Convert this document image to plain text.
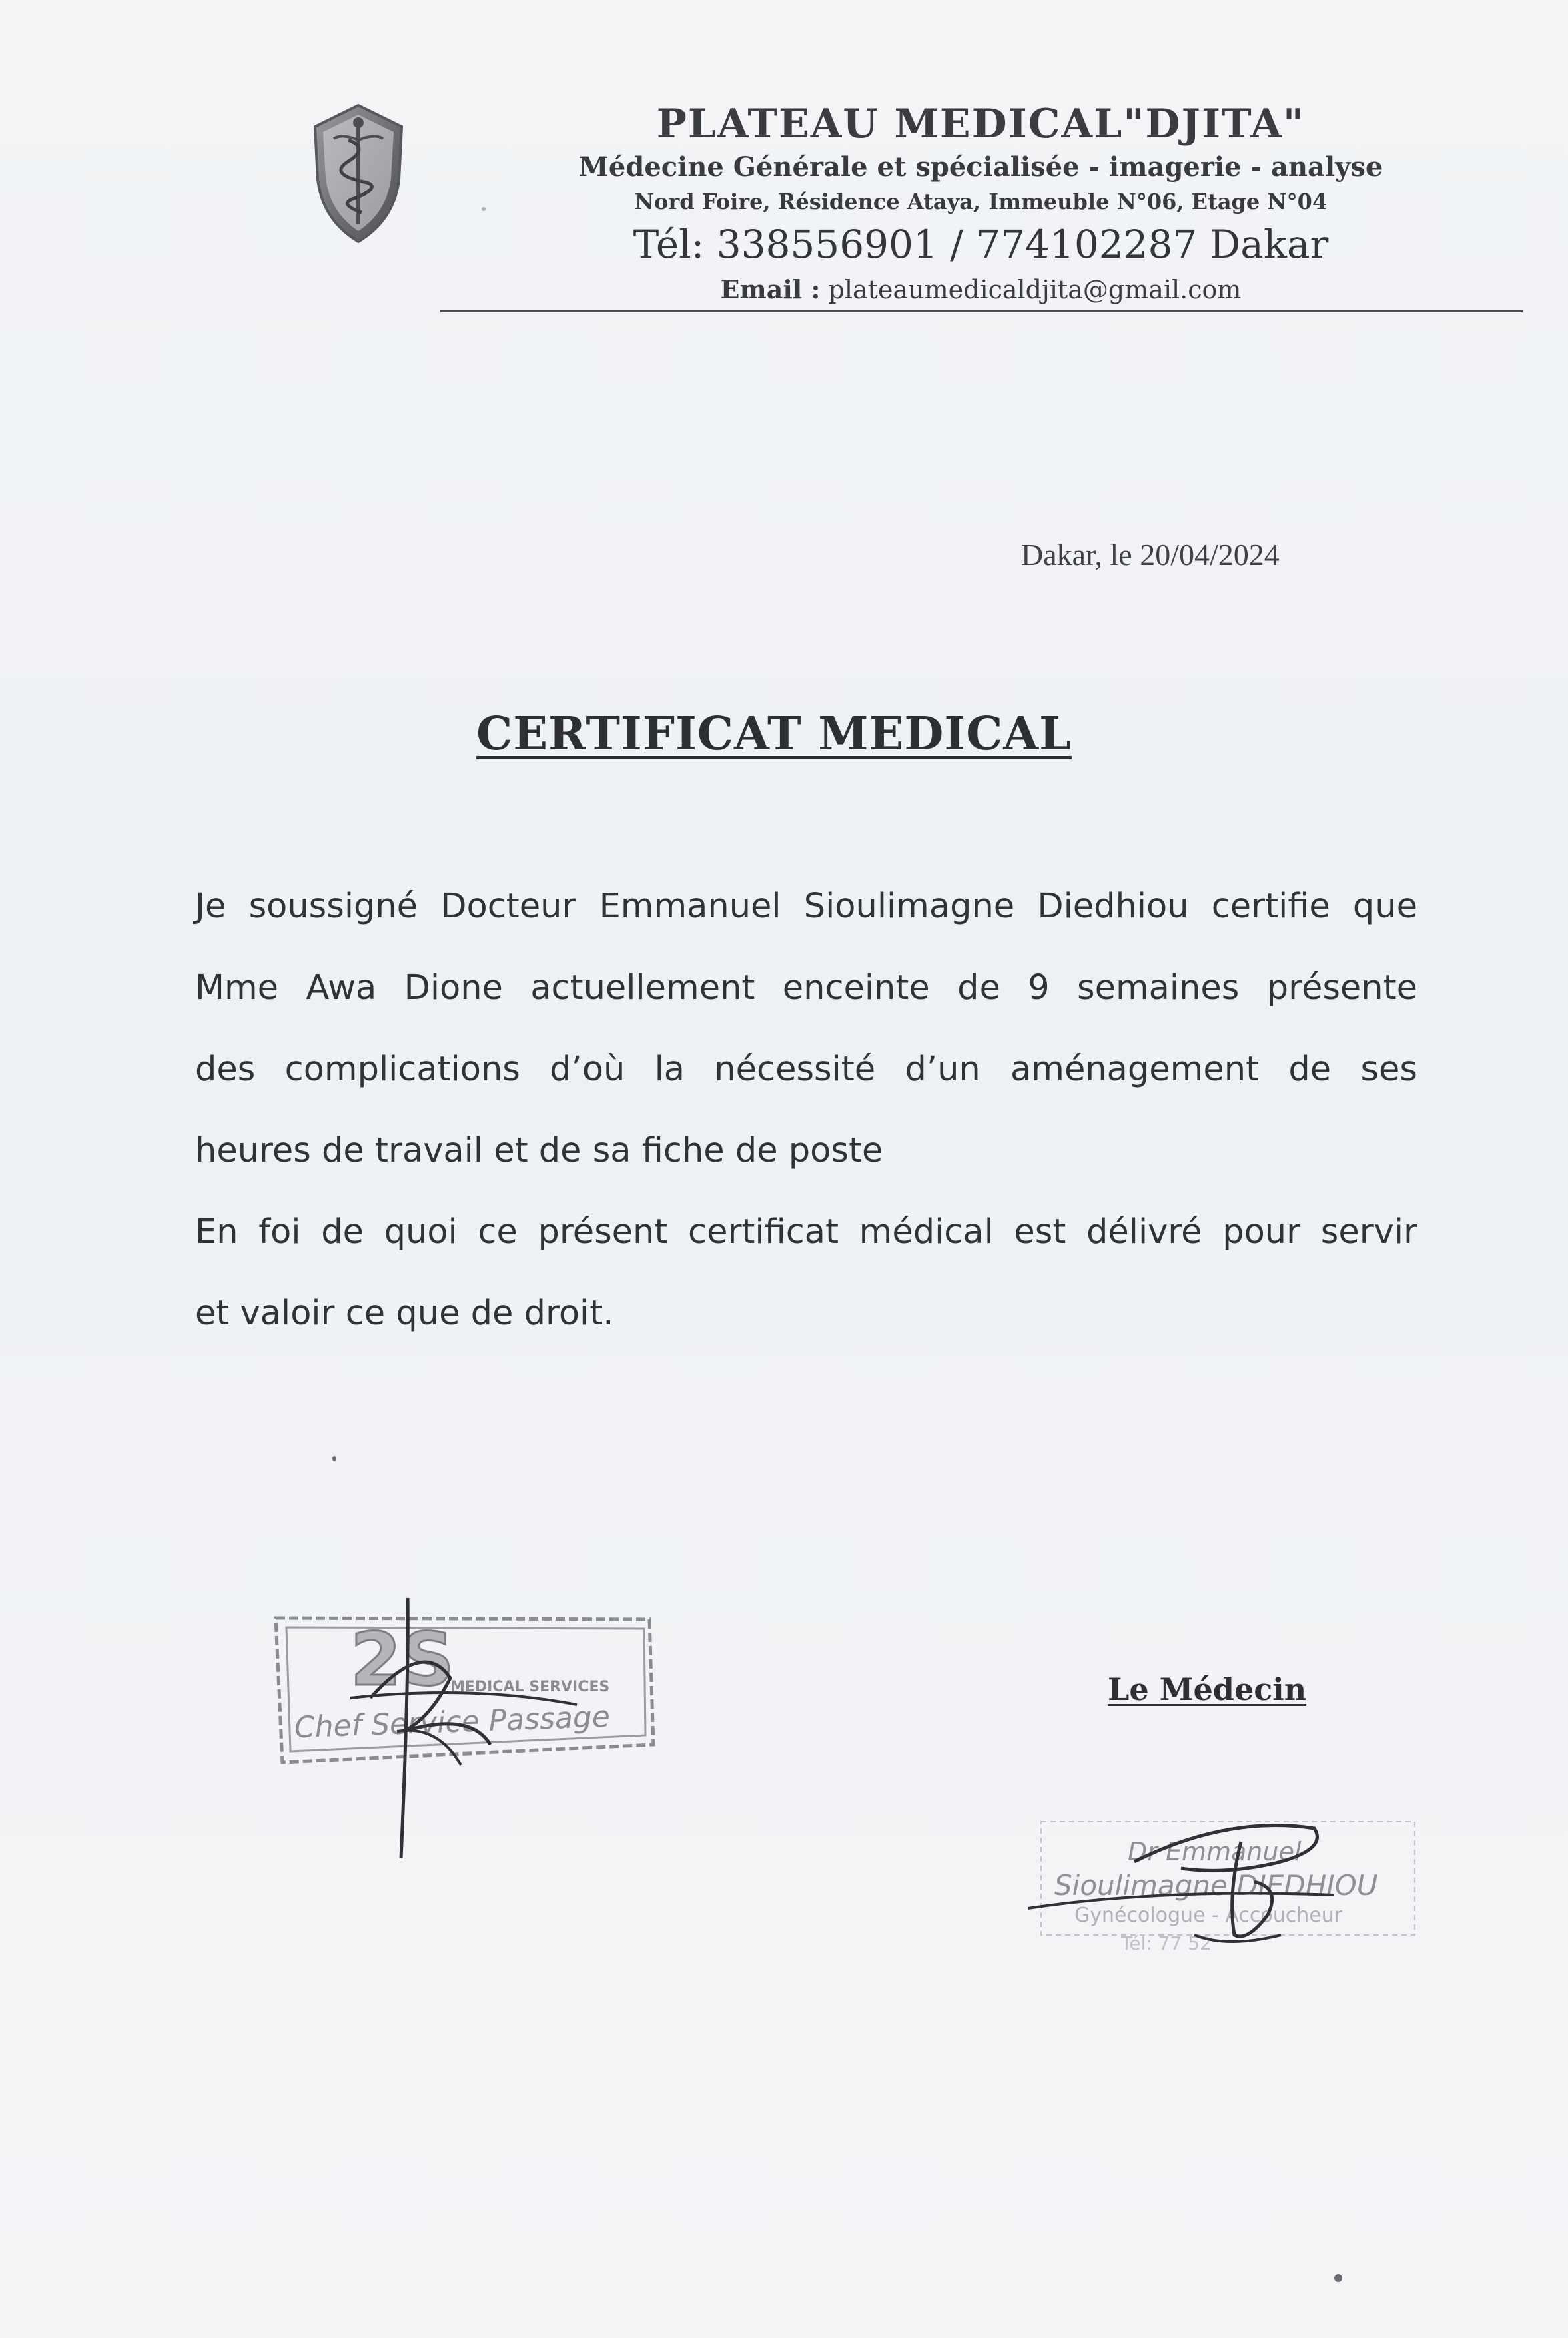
PLATEAU MEDICAL"DJITA"
Médecine Générale et spécialisée - imagerie - analyse
Nord Foire, Résidence Ataya, Immeuble N°06, Etage N°04
Tél: 338556901 / 774102287 Dakar
Email : plateaumedicaldjita@gmail.com
Dakar, le 20/04/2024
CERTIFICAT MEDICAL
Je soussigné Docteur Emmanuel Sioulimagne Diedhiou certifie que
Mme Awa Dione actuellement enceinte de 9 semaines présente
des complications d’où la nécessité d’un aménagement de ses
heures de travail et de sa fiche de poste
En foi de quoi ce présent certificat médical est délivré pour servir
et valoir ce que de droit.
2S
MEDICAL SERVICES
Chef Service Passage
Le Médecin
Dr Emmanuel
Sioulimagne DIEDHIOU
Gynécologue - Accoucheur
Tél: 77 52
